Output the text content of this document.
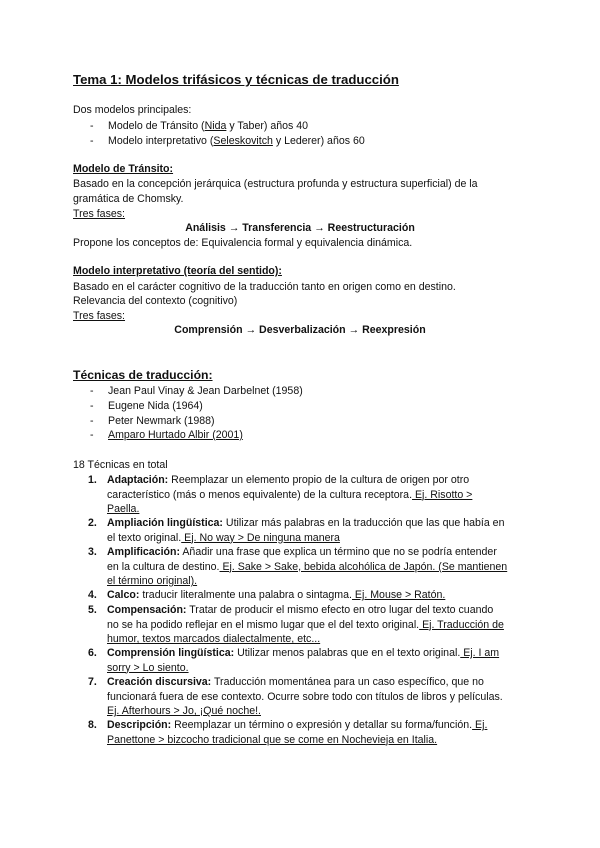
Tema 1: Modelos trifásicos y técnicas de traducción
Dos modelos principales:
- Modelo de Tránsito (Nida y Taber) años 40
- Modelo interpretativo (Seleskovitch y Lederer) años 60
Modelo de Tránsito:
Basado en la concepción jerárquica (estructura profunda y estructura superficial) de la
gramática de Chomsky.
Tres fases:
Análisis → Transferencia → Reestructuración
Propone los conceptos de: Equivalencia formal y equivalencia dinámica.
Modelo interpretativo (teoría del sentido):
Basado en el carácter cognitivo de la traducción tanto en origen como en destino.
Relevancia del contexto (cognitivo)
Tres fases:
Comprensión → Desverbalización → Reexpresión
Técnicas de traducción:
- Jean Paul Vinay & Jean Darbelnet (1958)
- Eugene Nida (1964)
- Peter Newmark (1988)
- Amparo Hurtado Albir (2001)
18 Técnicas en total
1. Adaptación: Reemplazar un elemento propio de la cultura de origen por otro
característico (más o menos equivalente) de la cultura receptora. Ej. Risotto >
Paella.
2. Ampliación lingüística: Utilizar más palabras en la traducción que las que había en
el texto original. Ej. No way > De ninguna manera
3. Amplificación: Añadir una frase que explica un término que no se podría entender
en la cultura de destino. Ej. Sake > Sake, bebida alcohólica de Japón. (Se mantienen
el término original).
4. Calco: traducir literalmente una palabra o sintagma. Ej. Mouse > Ratón.
5. Compensación: Tratar de producir el mismo efecto en otro lugar del texto cuando
no se ha podido reflejar en el mismo lugar que el del texto original. Ej. Traducción de
humor, textos marcados dialectalmente, etc...
6. Comprensión lingüística: Utilizar menos palabras que en el texto original. Ej. I am
sorry > Lo siento.
7. Creación discursiva: Traducción momentánea para un caso específico, que no
funcionará fuera de ese contexto. Ocurre sobre todo con títulos de libros y películas.
Ej. Afterhours > Jo, ¡Qué noche!.
8. Descripción: Reemplazar un término o expresión y detallar su forma/función. Ej.
Panettone > bizcocho tradicional que se come en Nochevieja en Italia.
